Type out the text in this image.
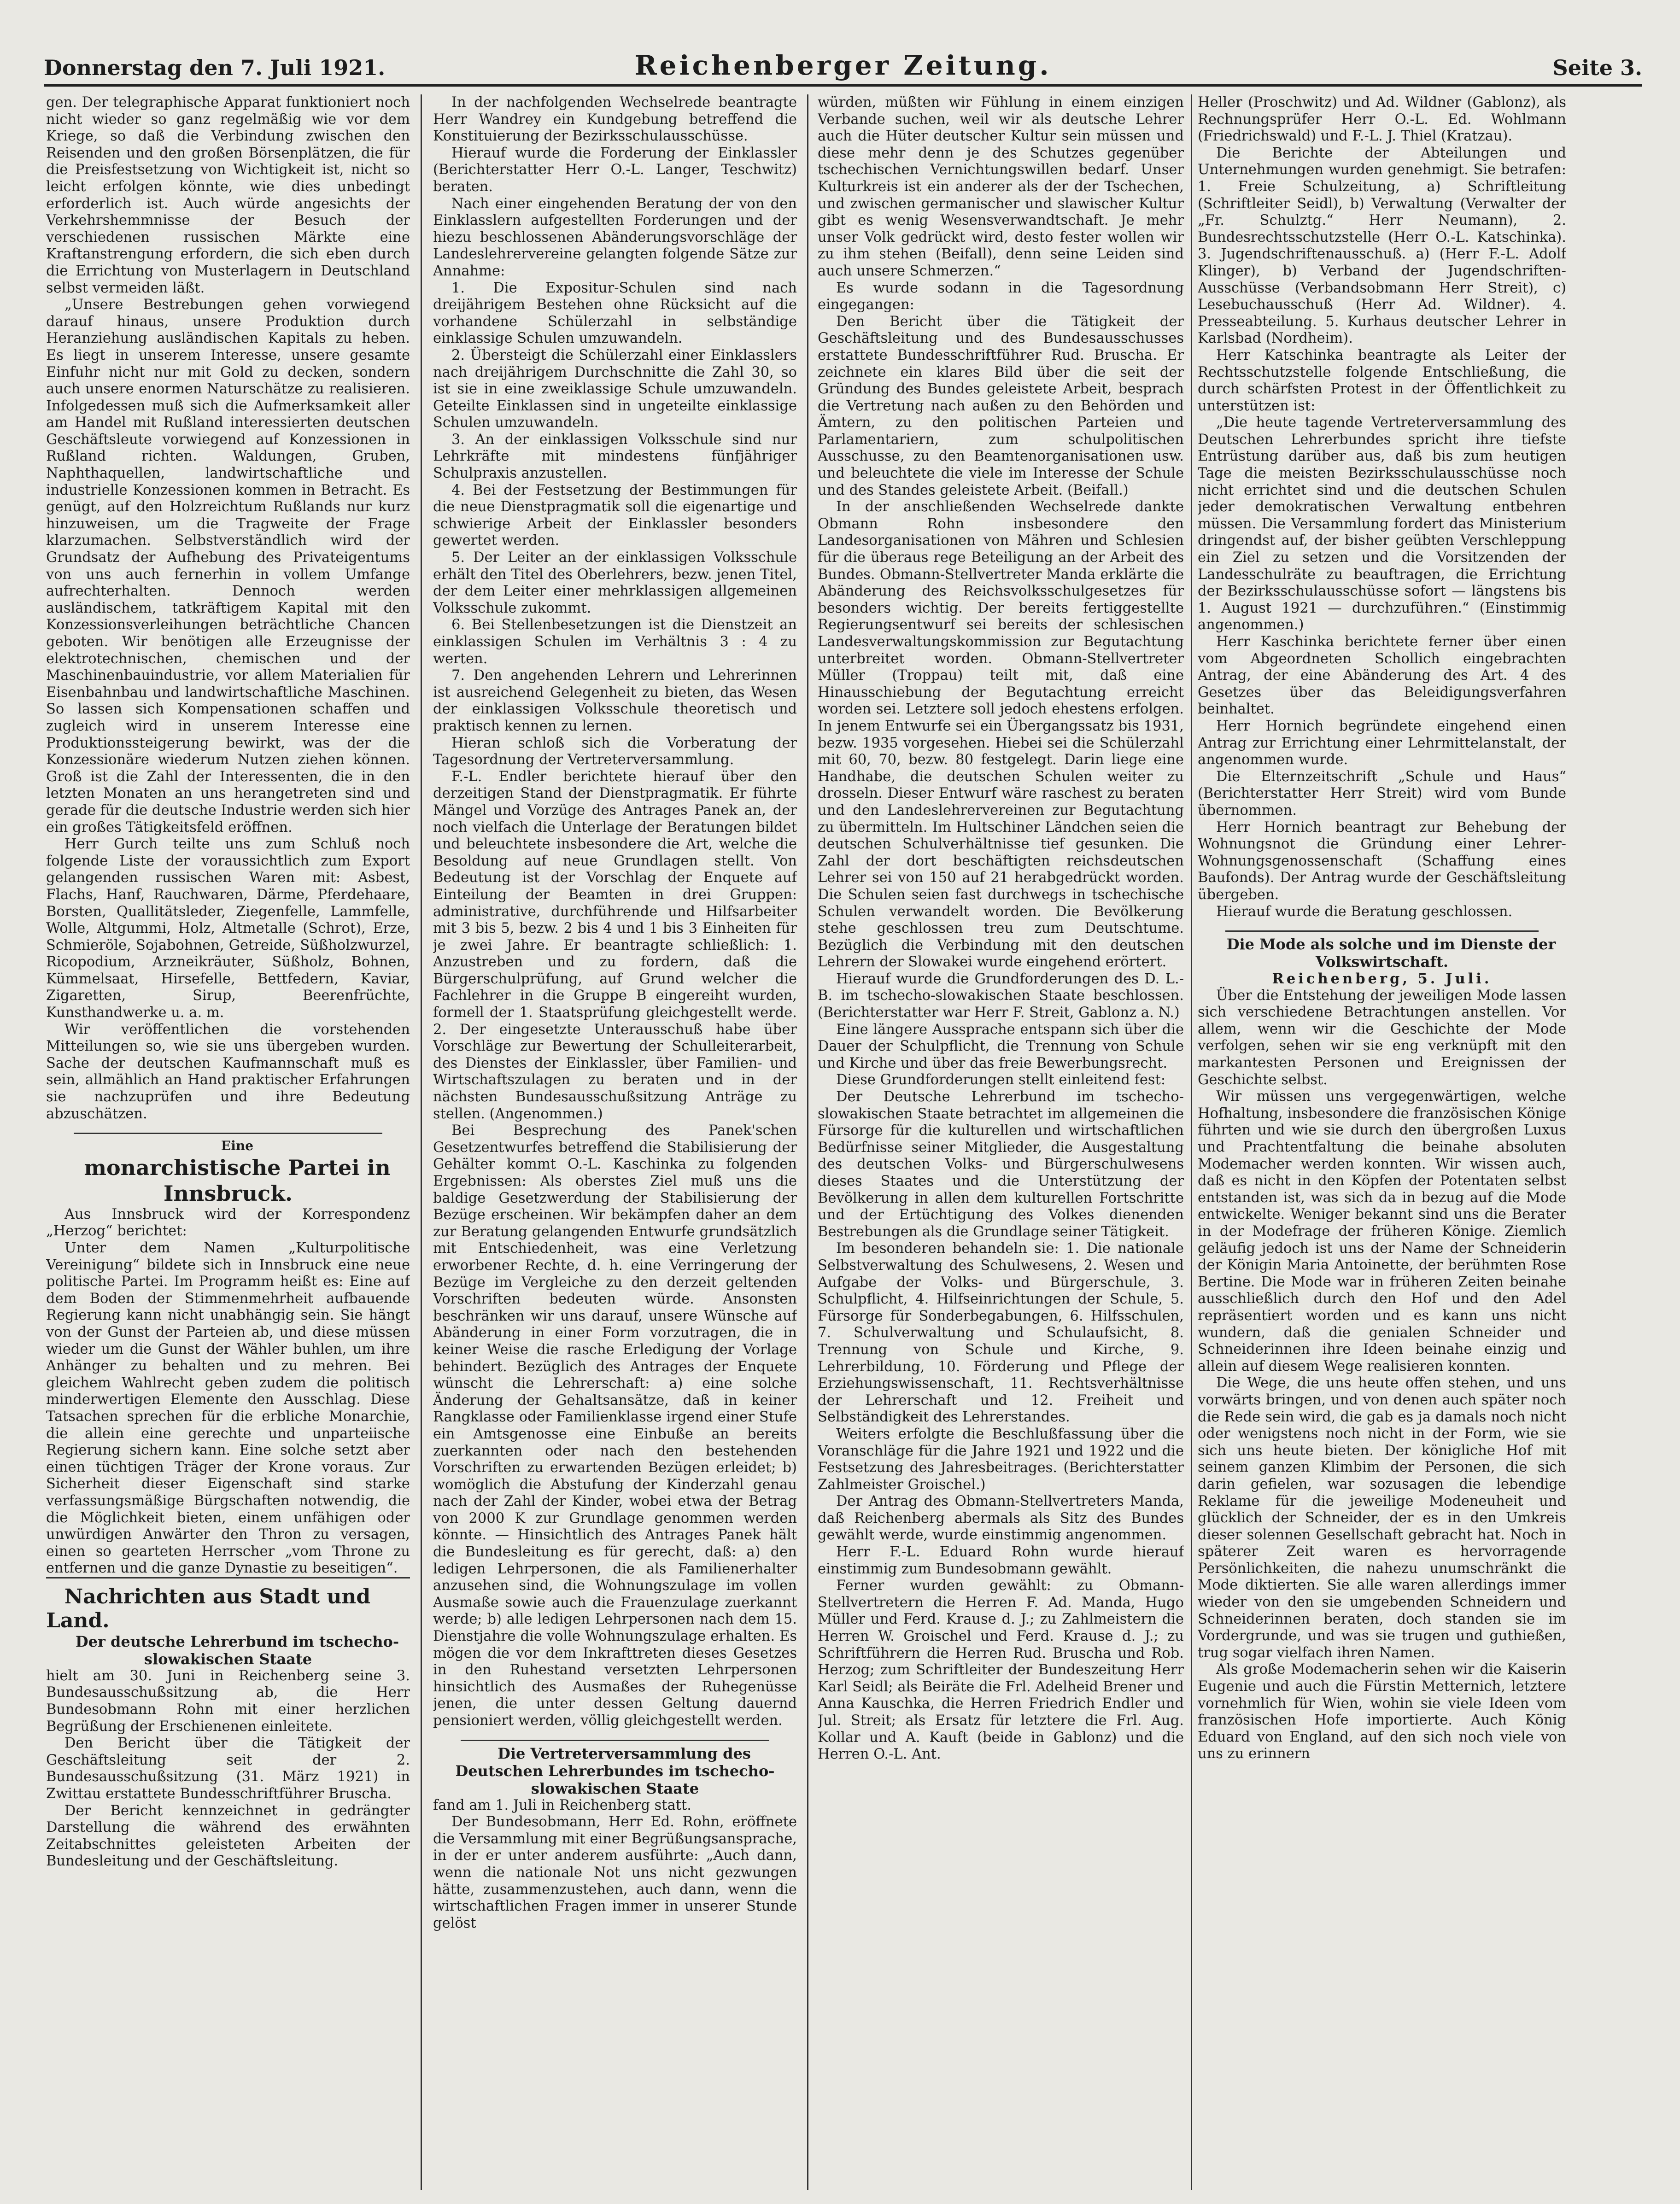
Donnerstag den 7. Juli 1921.	Reichenberger Zeitung.	Seite 3.

gen. Der telegraphische Apparat funktioniert noch nicht wieder so ganz regelmäßig wie vor dem Kriege, so daß die Verbindung zwischen den Reisenden und den großen Börsenplätzen, die für die Preisfestsetzung von Wichtigkeit ist, nicht so leicht erfolgen könnte, wie dies unbedingt erforderlich ist. Auch würde angesichts der Verkehrshemmnisse der Besuch der verschiedenen russischen Märkte eine Kraftanstrengung erfordern, die sich eben durch die Errichtung von Musterlagern in Deutschland selbst vermeiden läßt.

„Unsere Bestrebungen gehen vorwiegend darauf hinaus, unsere Produktion durch Heranziehung ausländischen Kapitals zu heben. Es liegt in unserem Interesse, unsere gesamte Einfuhr nicht nur mit Gold zu decken, sondern auch unsere enormen Naturschätze zu realisieren. Infolgedessen muß sich die Aufmerksamkeit aller am Handel mit Rußland interessierten deutschen Geschäftsleute vorwiegend auf Konzessionen in Rußland richten. Waldungen, Gruben, Naphthaquellen, landwirtschaftliche und industrielle Konzessionen kommen in Betracht. Es genügt, auf den Holzreichtum Rußlands nur kurz hinzuweisen, um die Tragweite der Frage klarzumachen. Selbstverständlich wird der Grundsatz der Aufhebung des Privateigentums von uns auch fernerhin in vollem Umfange aufrechterhalten. Dennoch werden ausländischem, tatkräftigem Kapital mit den Konzessionsverleihungen beträchtliche Chancen geboten. Wir benötigen alle Erzeugnisse der elektrotechnischen, chemischen und der Maschinenbauindustrie, vor allem Materialien für Eisenbahnbau und landwirtschaftliche Maschinen. So lassen sich Kompensationen schaffen und zugleich wird in unserem Interesse eine Produktionssteigerung bewirkt, was der die Konzessionäre wiederum Nutzen ziehen können. Groß ist die Zahl der Interessenten, die in den letzten Monaten an uns herangetreten sind und gerade für die deutsche Industrie werden sich hier ein großes Tätigkeitsfeld eröffnen.

Herr Gurch teilte uns zum Schluß noch folgende Liste der voraussichtlich zum Export gelangenden russischen Waren mit: Asbest, Flachs, Hanf, Rauchwaren, Därme, Pferdehaare, Borsten, Quallitätsleder, Ziegenfelle, Lammfelle, Wolle, Altgummi, Holz, Altmetalle (Schrot), Erze, Schmieröle, Sojabohnen, Getreide, Süßholzwurzel, Ricopodium, Arzneikräuter, Süßholz, Bohnen, Kümmelsaat, Hirsefelle, Bettfedern, Kaviar, Zigaretten, Sirup, Beerenfrüchte, Kunsthandwerke u. a. m.

Wir veröffentlichen die vorstehenden Mitteilungen so, wie sie uns übergeben wurden. Sache der deutschen Kaufmannschaft muß es sein, allmählich an Hand praktischer Erfahrungen sie nachzuprüfen und ihre Bedeutung abzuschätzen.

Eine

monarchistische Partei in Innsbruck.

Aus Innsbruck wird der Korrespondenz „Herzog“ berichtet:

Unter dem Namen „Kulturpolitische Vereinigung“ bildete sich in Innsbruck eine neue politische Partei. Im Programm heißt es: Eine auf dem Boden der Stimmenmehrheit aufbauende Regierung kann nicht unabhängig sein. Sie hängt von der Gunst der Parteien ab, und diese müssen wieder um die Gunst der Wähler buhlen, um ihre Anhänger zu behalten und zu mehren. Bei gleichem Wahlrecht geben zudem die politisch minderwertigen Elemente den Ausschlag. Diese Tatsachen sprechen für die erbliche Monarchie, die allein eine gerechte und unparteiische Regierung sichern kann. Eine solche setzt aber einen tüchtigen Träger der Krone voraus. Zur Sicherheit dieser Eigenschaft sind starke verfassungsmäßige Bürgschaften notwendig, die die Möglichkeit bieten, einem unfähigen oder unwürdigen Anwärter den Thron zu versagen, einen so gearteten Herrscher „vom Throne zu entfernen und die ganze Dynastie zu beseitigen“.

Nachrichten aus Stadt und Land.

Der deutsche Lehrerbund im tschecho-slowakischen Staate

hielt am 30. Juni in Reichenberg seine 3. Bundesausschußsitzung ab, die Herr Bundesobmann Rohn mit einer herzlichen Begrüßung der Erschienenen einleitete.

Den Bericht über die Tätigkeit der Geschäftsleitung seit der 2. Bundesausschußsitzung (31. März 1921) in Zwittau erstattete Bundesschriftführer Bruscha.

Der Bericht kennzeichnet in gedrängter Darstellung die während des erwähnten Zeitabschnittes geleisteten Arbeiten der Bundesleitung und der Geschäftsleitung.

In der nachfolgenden Wechselrede beantragte Herr Wandrey ein Kundgebung betreffend die Konstituierung der Bezirksschulausschüsse.

Hierauf wurde die Forderung der Einklassler (Berichterstatter Herr O.-L. Langer, Teschwitz) beraten.

Nach einer eingehenden Beratung der von den Einklasslern aufgestellten Forderungen und der hiezu beschlossenen Abänderungsvorschläge der Landeslehrervereine gelangten folgende Sätze zur Annahme:

1. Die Expositur-Schulen sind nach dreijährigem Bestehen ohne Rücksicht auf die vorhandene Schülerzahl in selbständige einklassige Schulen umzuwandeln.

2. Übersteigt die Schülerzahl einer Einklasslers nach dreijährigem Durchschnitte die Zahl 30, so ist sie in eine zweiklassige Schule umzuwandeln. Geteilte Einklassen sind in ungeteilte einklassige Schulen umzuwandeln.

3. An der einklassigen Volksschule sind nur Lehrkräfte mit mindestens fünfjähriger Schulpraxis anzustellen.

4. Bei der Festsetzung der Bestimmungen für die neue Dienstpragmatik soll die eigenartige und schwierige Arbeit der Einklassler besonders gewertet werden.

5. Der Leiter an der einklassigen Volksschule erhält den Titel des Oberlehrers, bezw. jenen Titel, der dem Leiter einer mehrklassigen allgemeinen Volksschule zukommt.

6. Bei Stellenbesetzungen ist die Dienstzeit an einklassigen Schulen im Verhältnis 3 : 4 zu werten.

7. Den angehenden Lehrern und Lehrerinnen ist ausreichend Gelegenheit zu bieten, das Wesen der einklassigen Volksschule theoretisch und praktisch kennen zu lernen.

Hieran schloß sich die Vorberatung der Tagesordnung der Vertreterversammlung.

F.-L. Endler berichtete hierauf über den derzeitigen Stand der Dienstpragmatik. Er führte Mängel und Vorzüge des Antrages Panek an, der noch vielfach die Unterlage der Beratungen bildet und beleuchtete insbesondere die Art, welche die Besoldung auf neue Grundlagen stellt. Von Bedeutung ist der Vorschlag der Enquete auf Einteilung der Beamten in drei Gruppen: administrative, durchführende und Hilfsarbeiter mit 3 bis 5, bezw. 2 bis 4 und 1 bis 3 Einheiten für je zwei Jahre. Er beantragte schließlich: 1. Anzustreben und zu fordern, daß die Bürgerschulprüfung, auf Grund welcher die Fachlehrer in die Gruppe B eingereiht wurden, formell der 1. Staatsprüfung gleichgestellt werde. 2. Der eingesetzte Unterausschuß habe über Vorschläge zur Bewertung der Schulleiterarbeit, des Dienstes der Einklassler, über Familien- und Wirtschaftszulagen zu beraten und in der nächsten Bundesausschußsitzung Anträge zu stellen. (Angenommen.)

Bei Besprechung des Panek'schen Gesetzentwurfes betreffend die Stabilisierung der Gehälter kommt O.-L. Kaschinka zu folgenden Ergebnissen: Als oberstes Ziel muß uns die baldige Gesetzwerdung der Stabilisierung der Bezüge erscheinen. Wir bekämpfen daher an dem zur Beratung gelangenden Entwurfe grundsätzlich mit Entschiedenheit, was eine Verletzung erworbener Rechte, d. h. eine Verringerung der Bezüge im Vergleiche zu den derzeit geltenden Vorschriften bedeuten würde. Ansonsten beschränken wir uns darauf, unsere Wünsche auf Abänderung in einer Form vorzutragen, die in keiner Weise die rasche Erledigung der Vorlage behindert. Bezüglich des Antrages der Enquete wünscht die Lehrerschaft: a) eine solche Änderung der Gehaltsansätze, daß in keiner Rangklasse oder Familienklasse irgend einer Stufe ein Amtsgenosse eine Einbuße an bereits zuerkannten oder nach den bestehenden Vorschriften zu erwartenden Bezügen erleidet; b) womöglich die Abstufung der Kinderzahl genau nach der Zahl der Kinder, wobei etwa der Betrag von 2000 K zur Grundlage genommen werden könnte. — Hinsichtlich des Antrages Panek hält die Bundesleitung es für gerecht, daß: a) den ledigen Lehrpersonen, die als Familienerhalter anzusehen sind, die Wohnungszulage im vollen Ausmaße sowie auch die Frauenzulage zuerkannt werde; b) alle ledigen Lehrpersonen nach dem 15. Dienstjahre die volle Wohnungszulage erhalten. Es mögen die vor dem Inkrafttreten dieses Gesetzes in den Ruhestand versetzten Lehrpersonen hinsichtlich des Ausmaßes der Ruhegenüsse jenen, die unter dessen Geltung dauernd pensioniert werden, völlig gleichgestellt werden.

Die Vertreterversammlung des Deutschen Lehrerbundes im tschecho-slowakischen Staate

fand am 1. Juli in Reichenberg statt.

Der Bundesobmann, Herr Ed. Rohn, eröffnete die Versammlung mit einer Begrüßungsansprache, in der er unter anderem ausführte: „Auch dann, wenn die nationale Not uns nicht gezwungen hätte, zusammenzustehen, auch dann, wenn die wirtschaftlichen Fragen immer in unserer Stunde gelöst

würden, müßten wir Fühlung in einem einzigen Verbande suchen, weil wir als deutsche Lehrer auch die Hüter deutscher Kultur sein müssen und diese mehr denn je des Schutzes gegenüber tschechischen Vernichtungswillen bedarf. Unser Kulturkreis ist ein anderer als der der Tschechen, und zwischen germanischer und slawischer Kultur gibt es wenig Wesensverwandtschaft. Je mehr unser Volk gedrückt wird, desto fester wollen wir zu ihm stehen (Beifall), denn seine Leiden sind auch unsere Schmerzen.“

Es wurde sodann in die Tagesordnung eingegangen:

Den Bericht über die Tätigkeit der Geschäftsleitung und des Bundesausschusses erstattete Bundesschriftführer Rud. Bruscha. Er zeichnete ein klares Bild über die seit der Gründung des Bundes geleistete Arbeit, besprach die Vertretung nach außen zu den Behörden und Ämtern, zu den politischen Parteien und Parlamentariern, zum schulpolitischen Ausschusse, zu den Beamtenorganisationen usw. und beleuchtete die viele im Interesse der Schule und des Standes geleistete Arbeit. (Beifall.)

In der anschließenden Wechselrede dankte Obmann Rohn insbesondere den Landesorganisationen von Mähren und Schlesien für die überaus rege Beteiligung an der Arbeit des Bundes. Obmann-Stellvertreter Manda erklärte die Abänderung des Reichsvolksschulgesetzes für besonders wichtig. Der bereits fertiggestellte Regierungsentwurf sei bereits der schlesischen Landesverwaltungskommission zur Begutachtung unterbreitet worden. Obmann-Stellvertreter Müller (Troppau) teilt mit, daß eine Hinausschiebung der Begutachtung erreicht worden sei. Letztere soll jedoch ehestens erfolgen. In jenem Entwurfe sei ein Übergangssatz bis 1931, bezw. 1935 vorgesehen. Hiebei sei die Schülerzahl mit 60, 70, bezw. 80 festgelegt. Darin liege eine Handhabe, die deutschen Schulen weiter zu drosseln. Dieser Entwurf wäre raschest zu beraten und den Landeslehrervereinen zur Begutachtung zu übermitteln. Im Hultschiner Ländchen seien die deutschen Schulverhältnisse tief gesunken. Die Zahl der dort beschäftigten reichsdeutschen Lehrer sei von 150 auf 21 herabgedrückt worden. Die Schulen seien fast durchwegs in tschechische Schulen verwandelt worden. Die Bevölkerung stehe geschlossen treu zum Deutschtume. Bezüglich die Verbindung mit den deutschen Lehrern der Slowakei wurde eingehend erörtert.

Hierauf wurde die Grundforderungen des D. L.-B. im tschecho-slowakischen Staate beschlossen. (Berichterstatter war Herr F. Streit, Gablonz a. N.)

Eine längere Aussprache entspann sich über die Dauer der Schulpflicht, die Trennung von Schule und Kirche und über das freie Bewerbungsrecht.

Diese Grundforderungen stellt einleitend fest:

Der Deutsche Lehrerbund im tschecho-slowakischen Staate betrachtet im allgemeinen die Fürsorge für die kulturellen und wirtschaftlichen Bedürfnisse seiner Mitglieder, die Ausgestaltung des deutschen Volks- und Bürgerschulwesens dieses Staates und die Unterstützung der Bevölkerung in allen dem kulturellen Fortschritte und der Ertüchtigung des Volkes dienenden Bestrebungen als die Grundlage seiner Tätigkeit.

Im besonderen behandeln sie: 1. Die nationale Selbstverwaltung des Schulwesens, 2. Wesen und Aufgabe der Volks- und Bürgerschule, 3. Schulpflicht, 4. Hilfseinrichtungen der Schule, 5. Fürsorge für Sonderbegabungen, 6. Hilfsschulen, 7. Schulverwaltung und Schulaufsicht, 8. Trennung von Schule und Kirche, 9. Lehrerbildung, 10. Förderung und Pflege der Erziehungswissenschaft, 11. Rechtsverhältnisse der Lehrerschaft und 12. Freiheit und Selbständigkeit des Lehrerstandes.

Weiters erfolgte die Beschlußfassung über die Voranschläge für die Jahre 1921 und 1922 und die Festsetzung des Jahresbeitrages. (Berichterstatter Zahlmeister Groischel.)

Der Antrag des Obmann-Stellvertreters Manda, daß Reichenberg abermals als Sitz des Bundes gewählt werde, wurde einstimmig angenommen.

Herr F.-L. Eduard Rohn wurde hierauf einstimmig zum Bundesobmann gewählt.

Ferner wurden gewählt: zu Obmann-Stellvertretern die Herren F. Ad. Manda, Hugo Müller und Ferd. Krause d. J.; zu Zahlmeistern die Herren W. Groischel und Ferd. Krause d. J.; zu Schriftführern die Herren Rud. Bruscha und Rob. Herzog; zum Schriftleiter der Bundeszeitung Herr Karl Seidl; als Beiräte die Frl. Adelheid Brener und Anna Kauschka, die Herren Friedrich Endler und Jul. Streit; als Ersatz für letztere die Frl. Aug. Kollar und A. Kauft (beide in Gablonz) und die Herren O.-L. Ant.

Heller (Proschwitz) und Ad. Wildner (Gablonz), als Rechnungsprüfer Herr O.-L. Ed. Wohlmann (Friedrichswald) und F.-L. J. Thiel (Kratzau).

Die Berichte der Abteilungen und Unternehmungen wurden genehmigt. Sie betrafen: 1. Freie Schulzeitung, a) Schriftleitung (Schriftleiter Seidl), b) Verwaltung (Verwalter der „Fr. Schulztg.“ Herr Neumann), 2. Bundesrechtsschutzstelle (Herr O.-L. Katschinka). 3. Jugendschriftenausschuß. a) (Herr F.-L. Adolf Klinger), b) Verband der Jugendschriften-Ausschüsse (Verbandsobmann Herr Streit), c) Lesebuchausschuß (Herr Ad. Wildner). 4. Presseabteilung. 5. Kurhaus deutscher Lehrer in Karlsbad (Nordheim).

Herr Katschinka beantragte als Leiter der Rechtsschutzstelle folgende Entschließung, die durch schärfsten Protest in der Öffentlichkeit zu unterstützen ist:

„Die heute tagende Vertreterversammlung des Deutschen Lehrerbundes spricht ihre tiefste Entrüstung darüber aus, daß bis zum heutigen Tage die meisten Bezirksschulausschüsse noch nicht errichtet sind und die deutschen Schulen jeder demokratischen Verwaltung entbehren müssen. Die Versammlung fordert das Ministerium dringendst auf, der bisher geübten Verschleppung ein Ziel zu setzen und die Vorsitzenden der Landesschulräte zu beauftragen, die Errichtung der Bezirksschulausschüsse sofort — längstens bis 1. August 1921 — durchzuführen.“ (Einstimmig angenommen.)

Herr Kaschinka berichtete ferner über einen vom Abgeordneten Schollich eingebrachten Antrag, der eine Abänderung des Art. 4 des Gesetzes über das Beleidigungsverfahren beinhaltet.

Herr Hornich begründete eingehend einen Antrag zur Errichtung einer Lehrmittelanstalt, der angenommen wurde.

Die Elternzeitschrift „Schule und Haus“ (Berichterstatter Herr Streit) wird vom Bunde übernommen.

Herr Hornich beantragt zur Behebung der Wohnungsnot die Gründung einer Lehrer-Wohnungsgenossenschaft (Schaffung eines Baufonds). Der Antrag wurde der Geschäftsleitung übergeben.

Hierauf wurde die Beratung geschlossen.

Die Mode als solche und im Dienste der Volkswirtschaft.

Reichenberg, 5. Juli.

Über die Entstehung der jeweiligen Mode lassen sich verschiedene Betrachtungen anstellen. Vor allem, wenn wir die Geschichte der Mode verfolgen, sehen wir sie eng verknüpft mit den markantesten Personen und Ereignissen der Geschichte selbst.

Wir müssen uns vergegenwärtigen, welche Hofhaltung, insbesondere die französischen Könige führten und wie sie durch den übergroßen Luxus und Prachtentfaltung die beinahe absoluten Modemacher werden konnten. Wir wissen auch, daß es nicht in den Köpfen der Potentaten selbst entstanden ist, was sich da in bezug auf die Mode entwickelte. Weniger bekannt sind uns die Berater in der Modefrage der früheren Könige. Ziemlich geläufig jedoch ist uns der Name der Schneiderin der Königin Maria Antoinette, der berühmten Rose Bertine. Die Mode war in früheren Zeiten beinahe ausschließlich durch den Hof und den Adel repräsentiert worden und es kann uns nicht wundern, daß die genialen Schneider und Schneiderinnen ihre Ideen beinahe einzig und allein auf diesem Wege realisieren konnten.

Die Wege, die uns heute offen stehen, und uns vorwärts bringen, und von denen auch später noch die Rede sein wird, die gab es ja damals noch nicht oder wenigstens noch nicht in der Form, wie sie sich uns heute bieten. Der königliche Hof mit seinem ganzen Klimbim der Personen, die sich darin gefielen, war sozusagen die lebendige Reklame für die jeweilige Modeneuheit und glücklich der Schneider, der es in den Umkreis dieser solennen Gesellschaft gebracht hat. Noch in späterer Zeit waren es hervorragende Persönlichkeiten, die nahezu unumschränkt die Mode diktierten. Sie alle waren allerdings immer wieder von den sie umgebenden Schneidern und Schneiderinnen beraten, doch standen sie im Vordergrunde, und was sie trugen und guthießen, trug sogar vielfach ihren Namen.

Als große Modemacherin sehen wir die Kaiserin Eugenie und auch die Fürstin Metternich, letztere vornehmlich für Wien, wohin sie viele Ideen vom französischen Hofe importierte. Auch König Eduard von England, auf den sich noch viele von uns zu erinnern
